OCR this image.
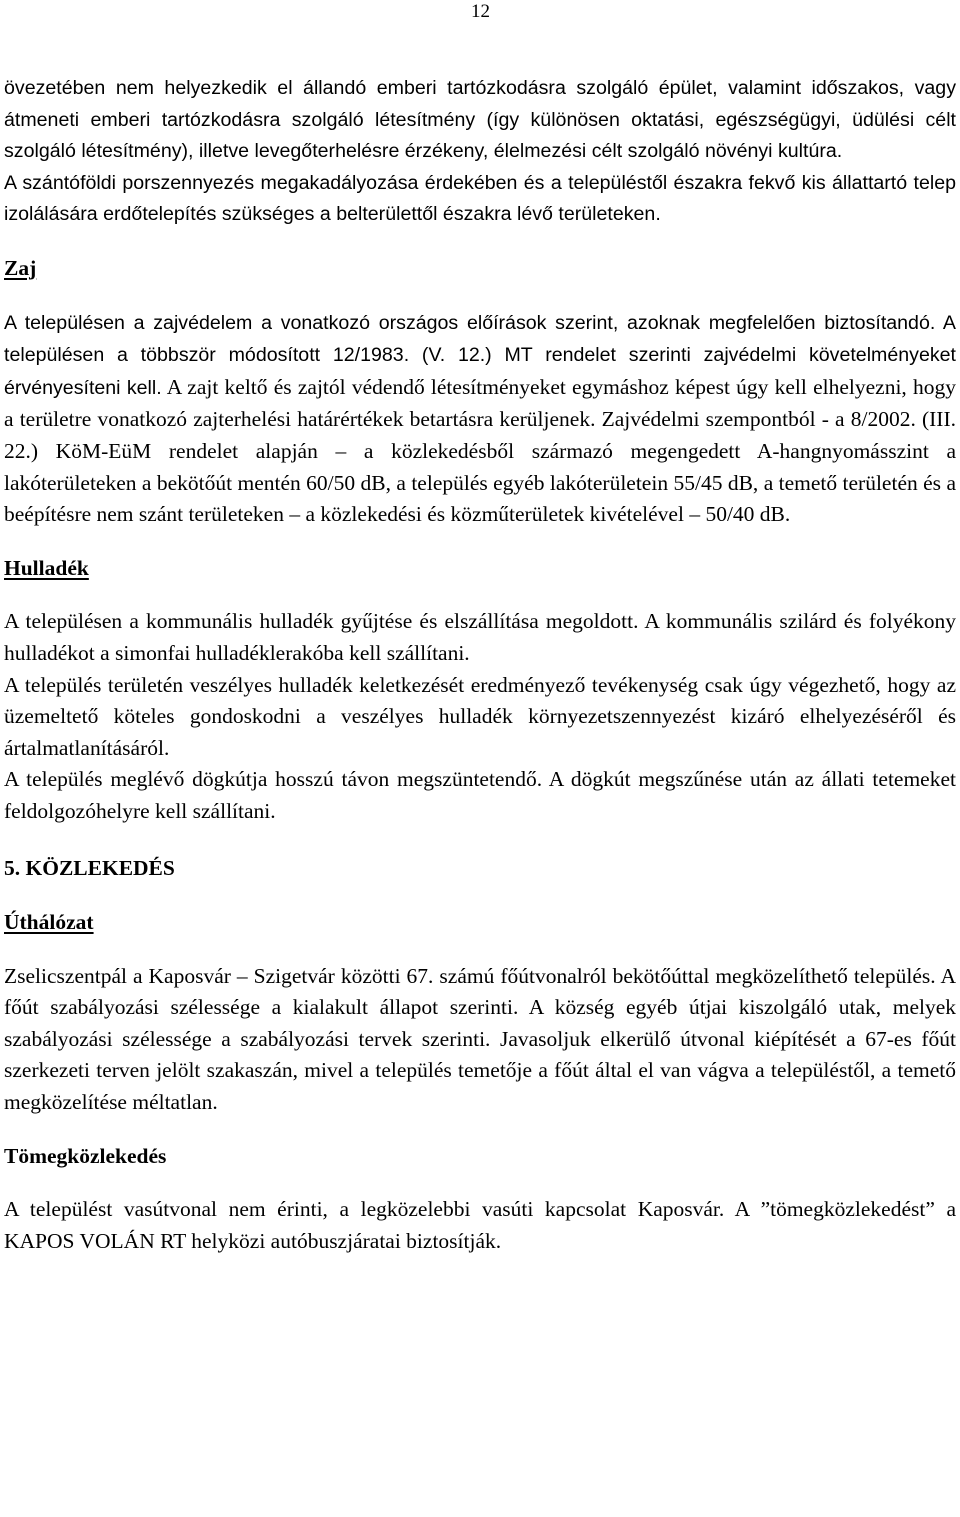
12

övezetében nem helyezkedik el állandó emberi tartózkodásra szolgáló épület, valamint időszakos, vagy átmeneti emberi tartózkodásra szolgáló létesítmény (így különösen oktatási, egészségügyi, üdülési célt szolgáló létesítmény), illetve levegőterhelésre érzékeny, élelmezési célt szolgáló növényi kultúra.

A szántóföldi porszennyezés megakadályozása érdekében és a településtől északra fekvő kis állattartó telep izolálására erdőtelepítés szükséges a belterülettől északra lévő területeken.

Zaj

A településen a zajvédelem a vonatkozó országos előírások szerint, azoknak megfelelően biztosítandó. A településen a többször módosított 12/1983. (V. 12.) MT rendelet szerinti zajvédelmi követelményeket érvényesíteni kell. A zajt keltő és zajtól védendő létesítményeket egymáshoz képest úgy kell elhelyezni, hogy a területre vonatkozó zajterhelési határértékek betartásra kerüljenek. Zajvédelmi szempontból - a 8/2002. (III. 22.) KöM-EüM rendelet alapján – a közlekedésből származó megengedett A-hangnyomásszint a lakóterületeken a bekötőút mentén 60/50 dB, a település egyéb lakóterületein 55/45 dB, a temető területén és a beépítésre nem szánt területeken – a közlekedési és közműterületek kivételével – 50/40 dB.

Hulladék

A településen a kommunális hulladék gyűjtése és elszállítása megoldott. A kommunális szilárd és folyékony hulladékot a simonfai hulladéklerakóba kell szállítani.

A település területén veszélyes hulladék keletkezését eredményező tevékenység csak úgy végezhető, hogy az üzemeltető köteles gondoskodni a veszélyes hulladék környezetszennyezést kizáró elhelyezéséről és ártalmatlanításáról.

A település meglévő dögkútja hosszú távon megszüntetendő. A dögkút megszűnése után az állati tetemeket feldolgozóhelyre kell szállítani.

5. KÖZLEKEDÉS

Úthálózat

Zselicszentpál a Kaposvár – Szigetvár közötti 67. számú főútvonalról bekötőúttal megközelíthető település. A főút szabályozási szélessége a kialakult állapot szerinti. A község egyéb útjai kiszolgáló utak, melyek szabályozási szélessége a szabályozási tervek szerinti. Javasoljuk elkerülő útvonal kiépítését a 67-es főút szerkezeti terven jelölt szakaszán, mivel a település temetője a főút által el van vágva a településtől, a temető megközelítése méltatlan.

Tömegközlekedés

A települést vasútvonal nem érinti, a legközelebbi vasúti kapcsolat Kaposvár. A ”tömegközlekedést” a KAPOS VOLÁN RT helyközi autóbuszjáratai biztosítják.
